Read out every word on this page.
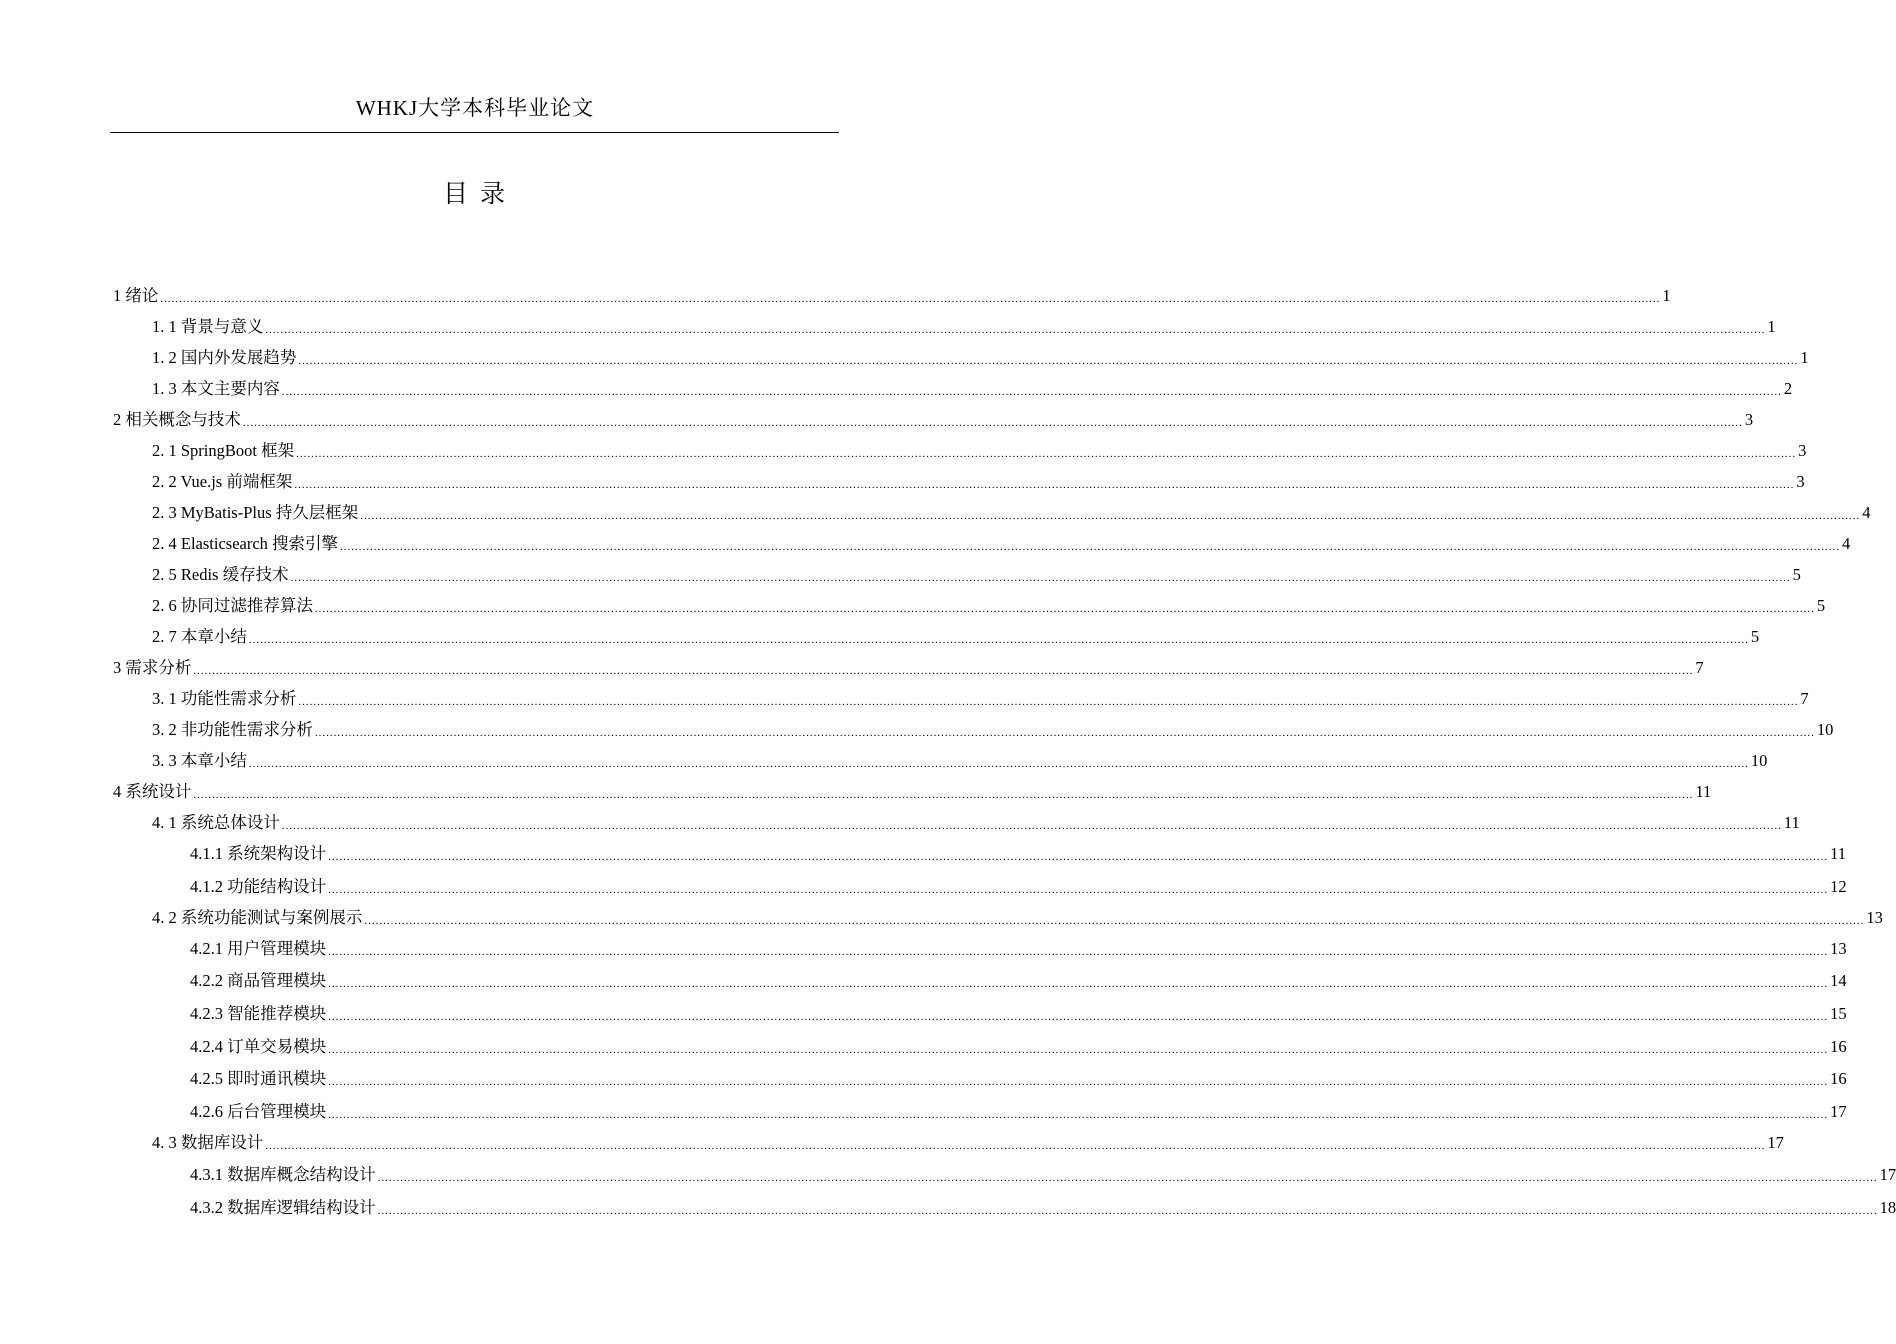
WHKJ大学本科毕业论文
目 录
1 绪论 ................................................................................................................................................................................................................................................................................................................................................................................................................ 1
1. 1 背景与意义 ................................................................................................................................................................................................................................................................................................................................................................................................................ 1
1. 2 国内外发展趋势 ................................................................................................................................................................................................................................................................................................................................................................................................................ 1
1. 3 本文主要内容 ................................................................................................................................................................................................................................................................................................................................................................................................................ 2
2 相关概念与技术 ................................................................................................................................................................................................................................................................................................................................................................................................................ 3
2. 1 SpringBoot 框架 ................................................................................................................................................................................................................................................................................................................................................................................................................ 3
2. 2 Vue.js 前端框架 ................................................................................................................................................................................................................................................................................................................................................................................................................ 3
2. 3 MyBatis-Plus 持久层框架 ................................................................................................................................................................................................................................................................................................................................................................................................................ 4
2. 4 Elasticsearch 搜索引擎 ................................................................................................................................................................................................................................................................................................................................................................................................................ 4
2. 5 Redis 缓存技术 ................................................................................................................................................................................................................................................................................................................................................................................................................ 5
2. 6 协同过滤推荐算法 ................................................................................................................................................................................................................................................................................................................................................................................................................ 5
2. 7 本章小结 ................................................................................................................................................................................................................................................................................................................................................................................................................ 5
3 需求分析 ................................................................................................................................................................................................................................................................................................................................................................................................................ 7
3. 1 功能性需求分析 ................................................................................................................................................................................................................................................................................................................................................................................................................ 7
3. 2 非功能性需求分析 ................................................................................................................................................................................................................................................................................................................................................................................................................ 10
3. 3 本章小结 ................................................................................................................................................................................................................................................................................................................................................................................................................ 10
4 系统设计 ................................................................................................................................................................................................................................................................................................................................................................................................................ 11
4. 1 系统总体设计 ................................................................................................................................................................................................................................................................................................................................................................................................................ 11
4.1.1 系统架构设计 ................................................................................................................................................................................................................................................................................................................................................................................................................ 11
4.1.2 功能结构设计 ................................................................................................................................................................................................................................................................................................................................................................................................................ 12
4. 2 系统功能测试与案例展示 ................................................................................................................................................................................................................................................................................................................................................................................................................ 13
4.2.1 用户管理模块 ................................................................................................................................................................................................................................................................................................................................................................................................................ 13
4.2.2 商品管理模块 ................................................................................................................................................................................................................................................................................................................................................................................................................ 14
4.2.3 智能推荐模块 ................................................................................................................................................................................................................................................................................................................................................................................................................ 15
4.2.4 订单交易模块 ................................................................................................................................................................................................................................................................................................................................................................................................................ 16
4.2.5 即时通讯模块 ................................................................................................................................................................................................................................................................................................................................................................................................................ 16
4.2.6 后台管理模块 ................................................................................................................................................................................................................................................................................................................................................................................................................ 17
4. 3 数据库设计 ................................................................................................................................................................................................................................................................................................................................................................................................................ 17
4.3.1 数据库概念结构设计 ................................................................................................................................................................................................................................................................................................................................................................................................................ 17
4.3.2 数据库逻辑结构设计 ................................................................................................................................................................................................................................................................................................................................................................................................................ 18
